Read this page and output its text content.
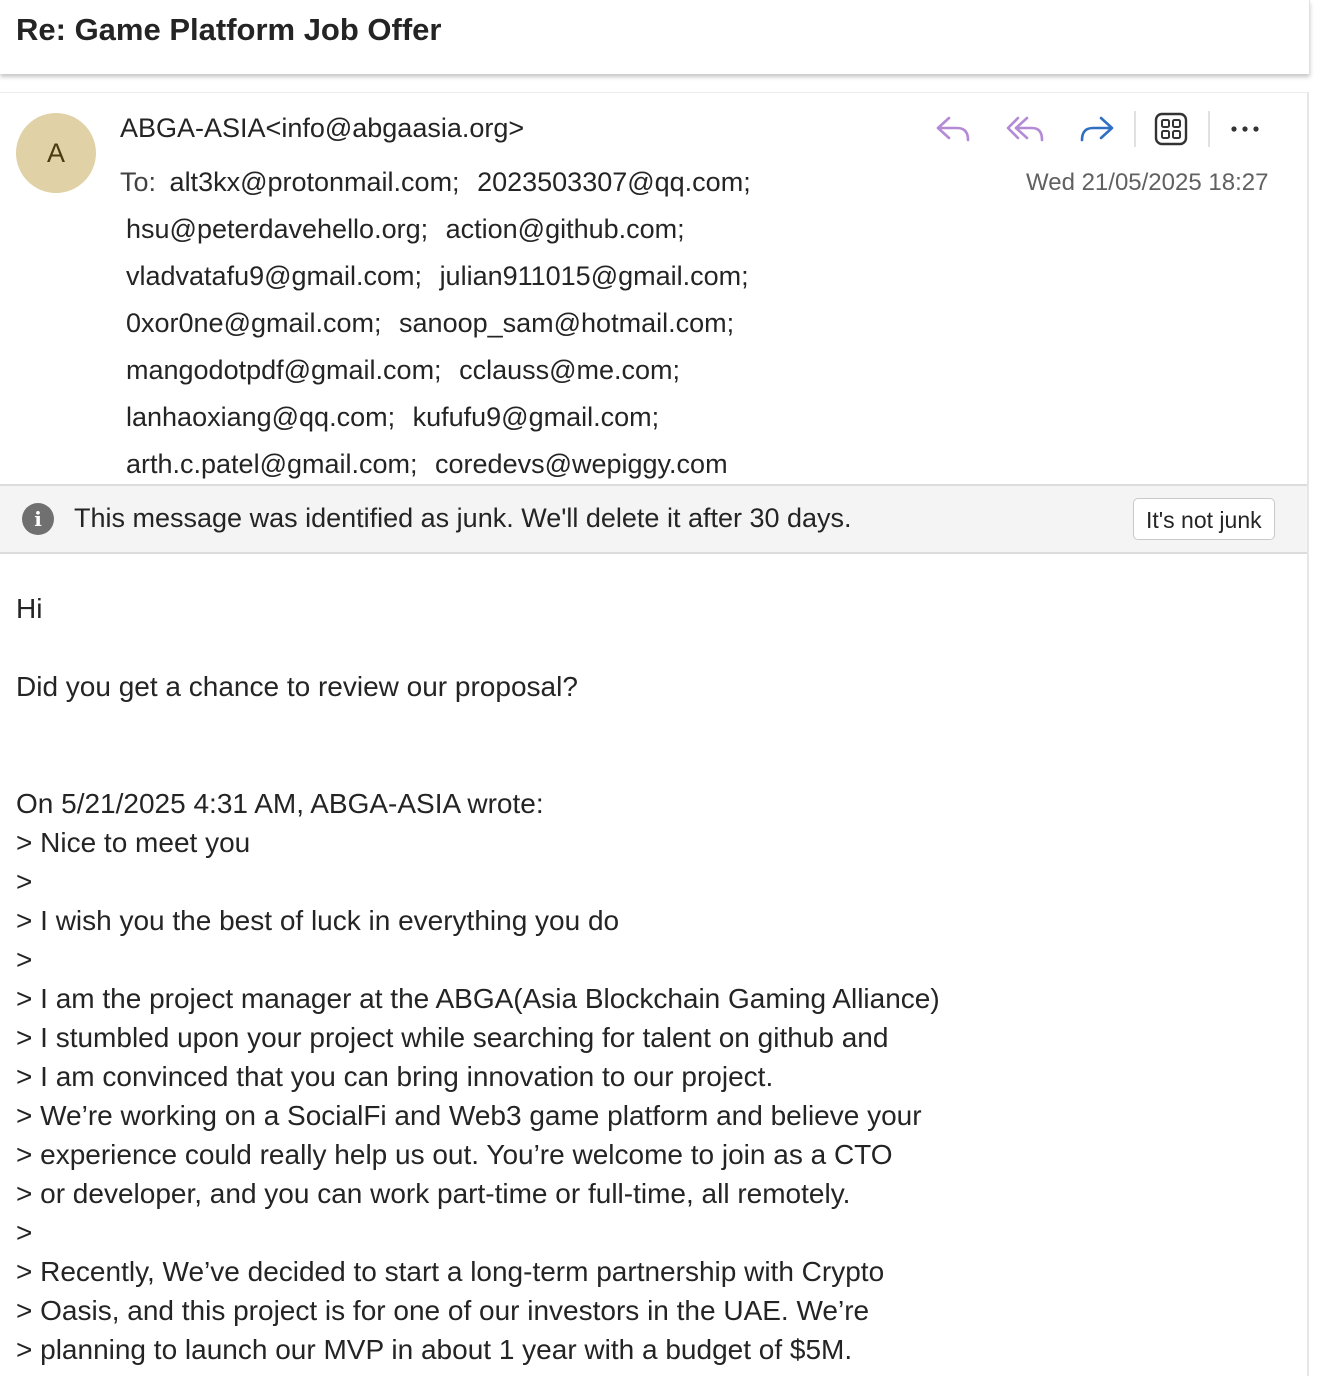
Re: Game Platform Job Offer
A
ABGA-ASIA<info@abgaasia.org>
Wed 21/05/2025 18:27
To: alt3kx@protonmail.com; 2023503307@qq.com;
hsu@peterdavehello.org; action@github.com;
vladvatafu9@gmail.com; julian911015@gmail.com;
0xor0ne@gmail.com; sanoop_sam@hotmail.com;
mangodotpdf@gmail.com; cclauss@me.com;
lanhaoxiang@qq.com; kufufu9@gmail.com;
arth.c.patel@gmail.com; coredevs@wepiggy.com
i	This message was identified as junk. We'll delete it after 30 days.	It's not junk
Hi
Did you get a chance to review our proposal?
On 5/21/2025 4:31 AM, ABGA-ASIA wrote:
> Nice to meet you
>
> I wish you the best of luck in everything you do
>
> I am the project manager at the ABGA(Asia Blockchain Gaming Alliance)
> I stumbled upon your project while searching for talent on github and
> I am convinced that you can bring innovation to our project.
> We’re working on a SocialFi and Web3 game platform and believe your
> experience could really help us out. You’re welcome to join as a CTO
> or developer, and you can work part-time or full-time, all remotely.
>
> Recently, We’ve decided to start a long-term partnership with Crypto
> Oasis, and this project is for one of our investors in the UAE. We’re
> planning to launch our MVP in about 1 year with a budget of $5M.
